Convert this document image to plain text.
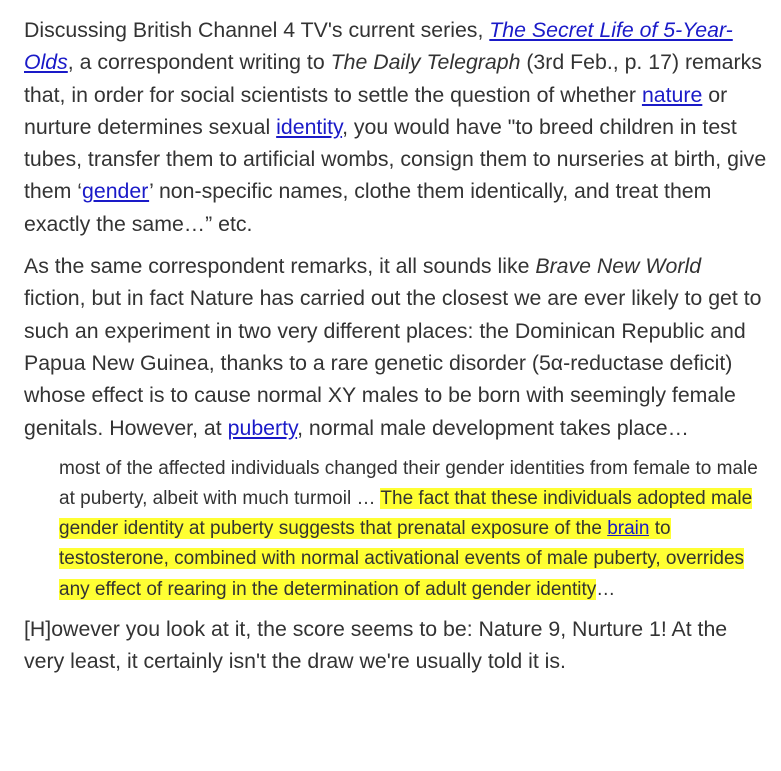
Discussing British Channel 4 TV's current series, The Secret Life of 5-Year-Olds, a correspondent writing to The Daily Telegraph (3rd Feb., p. 17) remarks that, in order for social scientists to settle the question of whether nature or nurture determines sexual identity, you would have "to breed children in test tubes, transfer them to artificial wombs, consign them to nurseries at birth, give them ‘gender’ non-specific names, clothe them identically, and treat them exactly the same…” etc.

As the same correspondent remarks, it all sounds like Brave New World fiction, but in fact Nature has carried out the closest we are ever likely to get to such an experiment in two very different places: the Dominican Republic and Papua New Guinea, thanks to a rare genetic disorder (5α-reductase deficit) whose effect is to cause normal XY males to be born with seemingly female genitals. However, at puberty, normal male development takes place…

most of the affected individuals changed their gender identities from female to male at puberty, albeit with much turmoil … The fact that these individuals adopted male gender identity at puberty suggests that prenatal exposure of the brain to testosterone, combined with normal activational events of male puberty, overrides any effect of rearing in the determination of adult gender identity…

[H]owever you look at it, the score seems to be: Nature 9, Nurture 1! At the very least, it certainly isn't the draw we're usually told it is.
